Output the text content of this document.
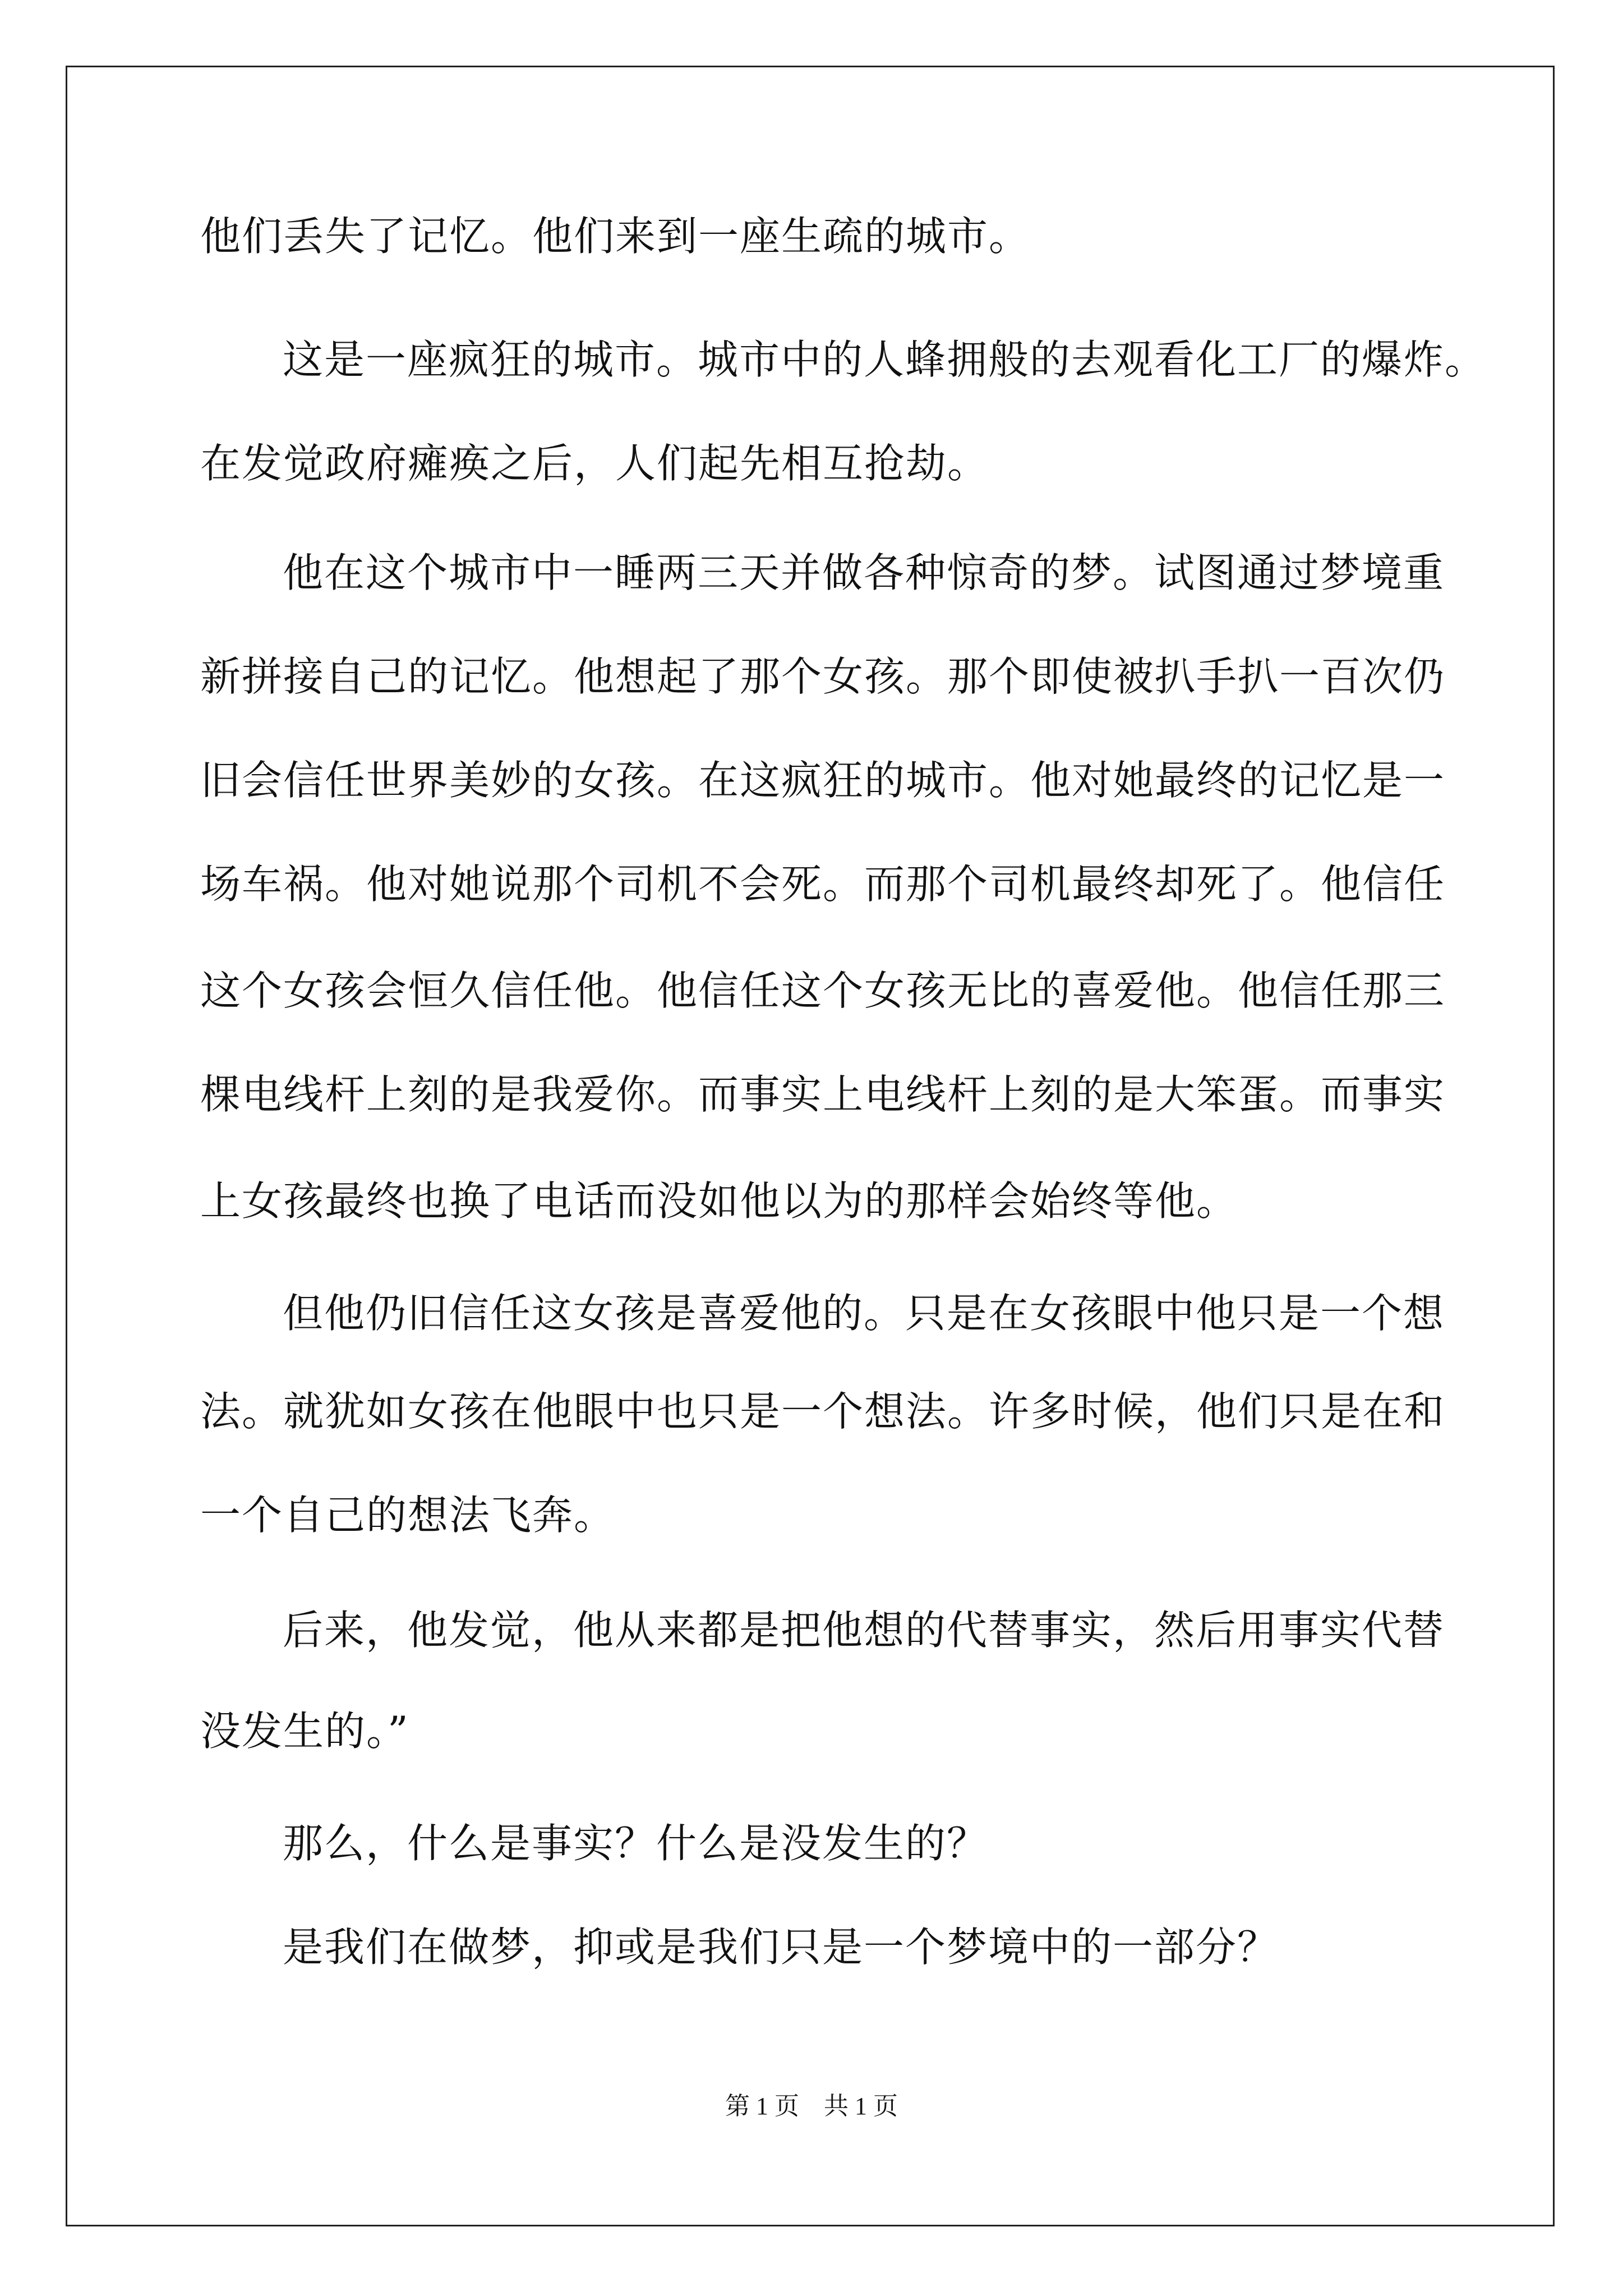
他们丢失了记忆。他们来到一座生疏的城市。
这是一座疯狂的城市。城市中的人蜂拥般的去观看化工厂的爆炸。
在发觉政府瘫痪之后，人们起先相互抢劫。
他在这个城市中一睡两三天并做各种惊奇的梦。试图通过梦境重
新拼接自己的记忆。他想起了那个女孩。那个即使被扒手扒一百次仍
旧会信任世界美妙的女孩。在这疯狂的城市。他对她最终的记忆是一
场车祸。他对她说那个司机不会死。而那个司机最终却死了。他信任
这个女孩会恒久信任他。他信任这个女孩无比的喜爱他。他信任那三
棵电线杆上刻的是我爱你。而事实上电线杆上刻的是大笨蛋。而事实
上女孩最终也换了电话而没如他以为的那样会始终等他。
但他仍旧信任这女孩是喜爱他的。只是在女孩眼中他只是一个想
法。就犹如女孩在他眼中也只是一个想法。许多时候，他们只是在和
一个自己的想法飞奔。
后来，他发觉，他从来都是把他想的代替事实，然后用事实代替
没发生的。”
那么，什么是事实？什么是没发生的？
是我们在做梦，抑或是我们只是一个梦境中的一部分？
第 1 页　共 1 页
